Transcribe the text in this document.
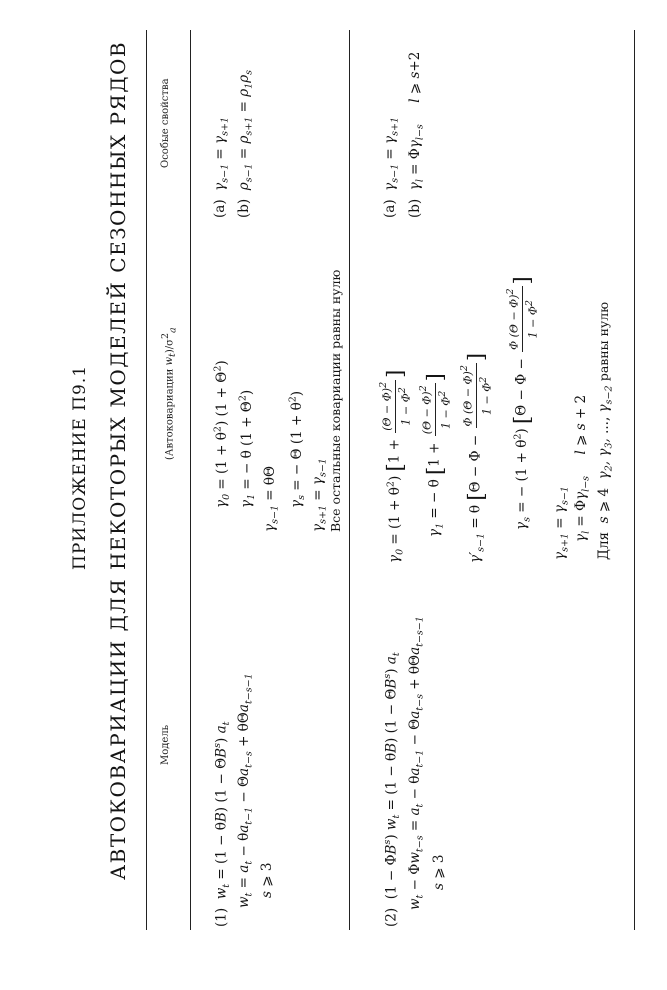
ПРИЛОЖЕНИЕ П9.1 АВТОКОВАРИАЦИИ ДЛЯ НЕКОТОРЫХ МОДЕЛЕЙ СЕЗОННЫХ РЯДОВ	Модель
(Автоковариации $w_t)/\sigma^2_a$
Особые свойства
(1)  $w_t = (1 - \theta B) (1 - \Theta B^s)$ $a_t$
$w_t = a_t - \theta a_{t-1} - \Theta a_{t-s} + \theta\Theta a_{t-s-1}$
s ⩾ 3
$\gamma_0 = (1 + \theta^2) (1 + \Theta^2)$
$\gamma_1$ = − θ $(1 + \Theta^2)$
$\gamma_{s-1} = \theta\Theta$
$\gamma_s$ = − Θ $(1 + \theta^2)$
$\gamma_{s+1} = \gamma_{s-1}$ Все остальные ковариации равны нулю
(a)  $\gamma_{s-1} = \gamma_{s+1}$
(b)  $\rho_{s-1} = \rho_{s+1} = \rho_1\rho_s$
(2)  $(1 - \Phi B^s)$ $w_t = (1 - \theta B) (1 - \Theta B^s)$ $a_t$
$w_t - \Phi w_{t-s} = a_t - \theta a_{t-1} - \Theta a_{t-s} + \theta\Theta a_{t-s-1}$
s ⩾ 3
$\gamma_0 = (1 + \theta^2) [1$ +
$(\Theta - \Phi)^2$
$1 - \Phi^2$
]
$\gamma_1$ = − θ [1 +
$(\Theta - \Phi)^2$
$1 - \Phi^2$
]
$\gamma'_{s-1} = \theta$ [Θ − Φ −
Φ $(\Theta - \Phi)^2$
$1 - \Phi^2$
]
$\gamma_s$ = − $(1 + \theta^2)$ [Θ − Φ −
Φ $(\Theta - \Phi)^2$
$1 - \Phi^2$
]
$\gamma_{s+1} = \gamma_{s-1}$
$\gamma_l = \Phi\gamma_{l-s}$     l ⩾ s + 2
Для  s ⩾ 4  $\gamma_2$, $\gamma_3$, ..., $\gamma_{s-2}$ равны нулю
(a)  $\gamma_{s-1} = \gamma_{s+1}$
(b)  $\gamma_l = \Phi\gamma_{l-s}$     l ⩾ s+2
